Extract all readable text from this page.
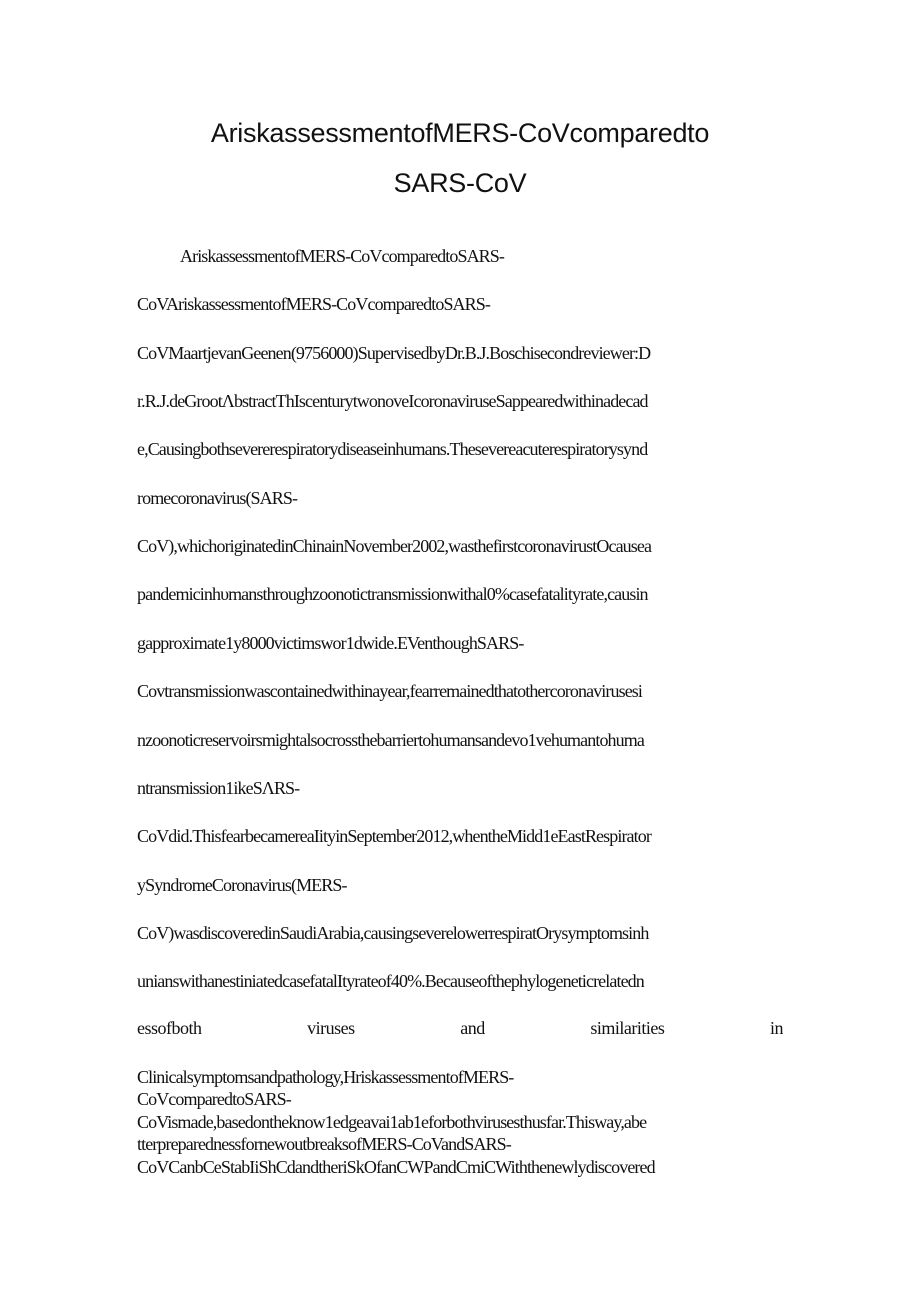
AriskassessmentofMERS-CoVcomparedto
SARS-CoV
AriskassessmentofMERS-CoVcomparedtoSARS-
CoVAriskassessmentofMERS-CoVcomparedtoSARS-
CoVMaartjevanGeenen(9756000)SupervisedbyDr.B.J.Boschisecondreviewer:D
r.R.J.deGrootΛbstractThIscenturytwonoveIcoronaviruseSappearedwithinadecad
e,Causingbothsevererespiratorydiseaseinhumans.Thesevereacuterespiratorysynd
romecoronavirus(SARS-
CoV),whichoriginatedinChinainNovember2002,wasthefirstcoronavirustOcausea
pandemicinhυmansthroughzoonotictransmissionwithal0%casefatalityrate,causin
gapproximate1y8000victimswor1dwide.EVenthoughSARS-
Covtransmissionwascontainedwithinayear,fearremainedthatothercoronavirusesi
nzoonoticreservoirsmightalsocrossthebarriertohumansandevo1vehumantohuma
ntransmission1ikeSΛRS-
CoVdid.ThisfearbecamereaIityinSeptember2012,whentheMidd1eEastRespirator
ySyndromeCoronavirus(MERS-
CoV)wasdiscoveredinSaudiArabia,causingseverelowerrespiratOrysymptomsinh
unianswithanestiniatedcasefatalItyrateof40%.Becauseofthephylogeneticrelatedn
essofboth	viruses	and	similarities	in
Clinicalsymptomsandpathology,HriskassessmentofMERS-
CoVcomparedtoSARS-
CoVismade,basedontheknow1edgeavai1ab1eforbothvirusesthusfar.Thisway,abe
tterpreparednessfornewoutbreaksofMERS-CoVandSARS-
CoVCanbCeStabIiShCdandtheriSkOfanCWPandCmiCWiththenewlydiscovered
